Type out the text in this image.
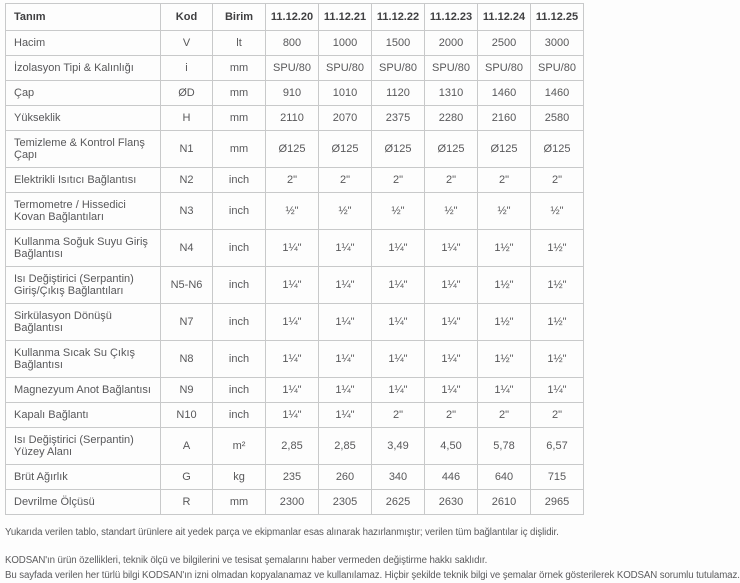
Tanım	Kod	Birim	11.12.20	11.12.21	11.12.22	11.12.23	11.12.24	11.12.25
Hacim	V	lt	800	1000	1500	2000	2500	3000
İzolasyon Tipi & Kalınlığı	i	mm	SPU/80	SPU/80	SPU/80	SPU/80	SPU/80	SPU/80
Çap	ØD	mm	910	1010	1120	1310	1460	1460
Yükseklik	H	mm	2110	2070	2375	2280	2160	2580
Temizleme & Kontrol Flanş Çapı	N1	mm	Ø125	Ø125	Ø125	Ø125	Ø125	Ø125
Elektrikli Isıtıcı Bağlantısı	N2	inch	2"	2"	2"	2"	2"	2"
Termometre / Hissedici Kovan Bağlantıları	N3	inch	½"	½"	½"	½"	½"	½"
Kullanma Soğuk Suyu Giriş Bağlantısı	N4	inch	1¼"	1¼"	1¼"	1¼"	1½"	1½"
Isı Değiştirici (Serpantin) Giriş/Çıkış Bağlantıları	N5-N6	inch	1¼"	1¼"	1¼"	1¼"	1½"	1½"
Sirkülasyon Dönüşü Bağlantısı	N7	inch	1¼"	1¼"	1¼"	1¼"	1½"	1½"
Kullanma Sıcak Su Çıkış Bağlantısı	N8	inch	1¼"	1¼"	1¼"	1¼"	1½"	1½"
Magnezyum Anot Bağlantısı	N9	inch	1¼"	1¼"	1¼"	1¼"	1¼"	1¼"
Kapalı Bağlantı	N10	inch	1¼"	1¼"	2"	2"	2"	2"
Isı Değiştirici (Serpantin) Yüzey Alanı	A	m²	2,85	2,85	3,49	4,50	5,78	6,57
Brüt Ağırlık	G	kg	235	260	340	446	640	715
Devrilme Ölçüsü	R	mm	2300	2305	2625	2630	2610	2965

Yukarıda verilen tablo, standart ürünlere ait yedek parça ve ekipmanlar esas alınarak hazırlanmıştır; verilen tüm bağlantılar iç dişlidir.

KODSAN'ın ürün özellikleri, teknik ölçü ve bilgilerini ve tesisat şemalarını haber vermeden değiştirme hakkı saklıdır.

Bu sayfada verilen her türlü bilgi KODSAN'ın izni olmadan kopyalanamaz ve kullanılamaz. Hiçbir şekilde teknik bilgi ve şemalar örnek gösterilerek KODSAN sorumlu tutulamaz.
